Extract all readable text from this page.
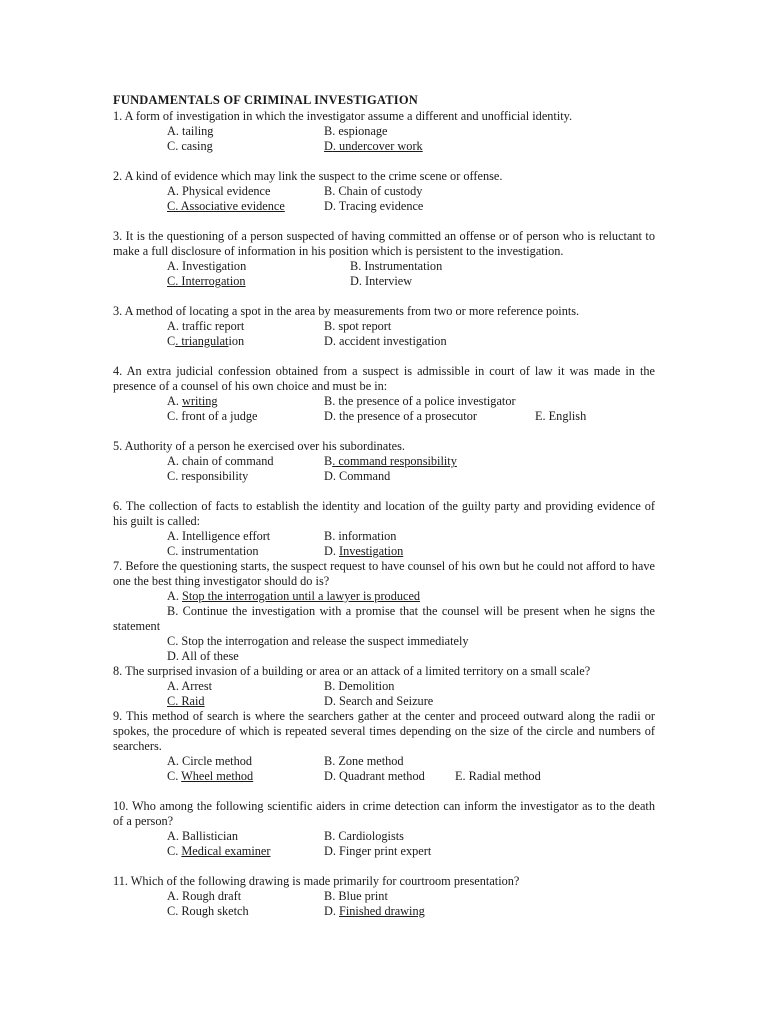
FUNDAMENTALS OF CRIMINAL INVESTIGATION
1. A form of investigation in which the investigator assume a different and unofficial identity.
A. tailing	B. espionage
C. casing	D. undercover work
2. A kind of evidence which may link the suspect to the crime scene or offense.
A. Physical evidence	B. Chain of custody
C. Associative evidence	D. Tracing evidence
3. It is the questioning of a person suspected of having committed an offense or of person who is reluctant to make a full disclosure of information in his position which is persistent to the investigation.
A. Investigation	B. Instrumentation
C. Interrogation	D. Interview
3. A method of locating a spot in the area by measurements from two or more reference points.
A. traffic report	B. spot report
C. triangulation	D. accident investigation
4. An extra judicial confession obtained from a suspect is admissible in court of law it was made in the presence of a counsel of his own choice and must be in:
A. writing	B. the presence of a police investigator
C. front of a judge	D. the presence of a prosecutor	E. English
5. Authority of a person he exercised over his subordinates.
A. chain of command	B. command responsibility
C. responsibility	D. Command
6. The collection of facts to establish the identity and location of the guilty party and providing evidence of his guilt is called:
A. Intelligence effort	B. information
C. instrumentation	D. Investigation
7. Before the questioning starts, the suspect request to have counsel of his own but he could not afford to have one the best thing investigator should do is?
A. Stop the interrogation until a lawyer is produced
B. Continue the investigation with a promise that the counsel will be present when he signs the statement
C. Stop the interrogation and release the suspect immediately
D. All of these
8. The surprised invasion of a building or area or an attack of a limited territory on a small scale?
A. Arrest	B. Demolition
C. Raid	D. Search and Seizure
9. This method of search is where the searchers gather at the center and proceed outward along the radii or spokes, the procedure of which is repeated several times depending on the size of the circle and numbers of searchers.
A. Circle method	B. Zone method
C. Wheel method	D. Quadrant method E. Radial method
10. Who among the following scientific aiders in crime detection can inform the investigator as to the death of a person?
A. Ballistician	B. Cardiologists
C. Medical examiner	D. Finger print expert
11. Which of the following drawing is made primarily for courtroom presentation?
A. Rough draft	B. Blue print
C. Rough sketch	D. Finished drawing
